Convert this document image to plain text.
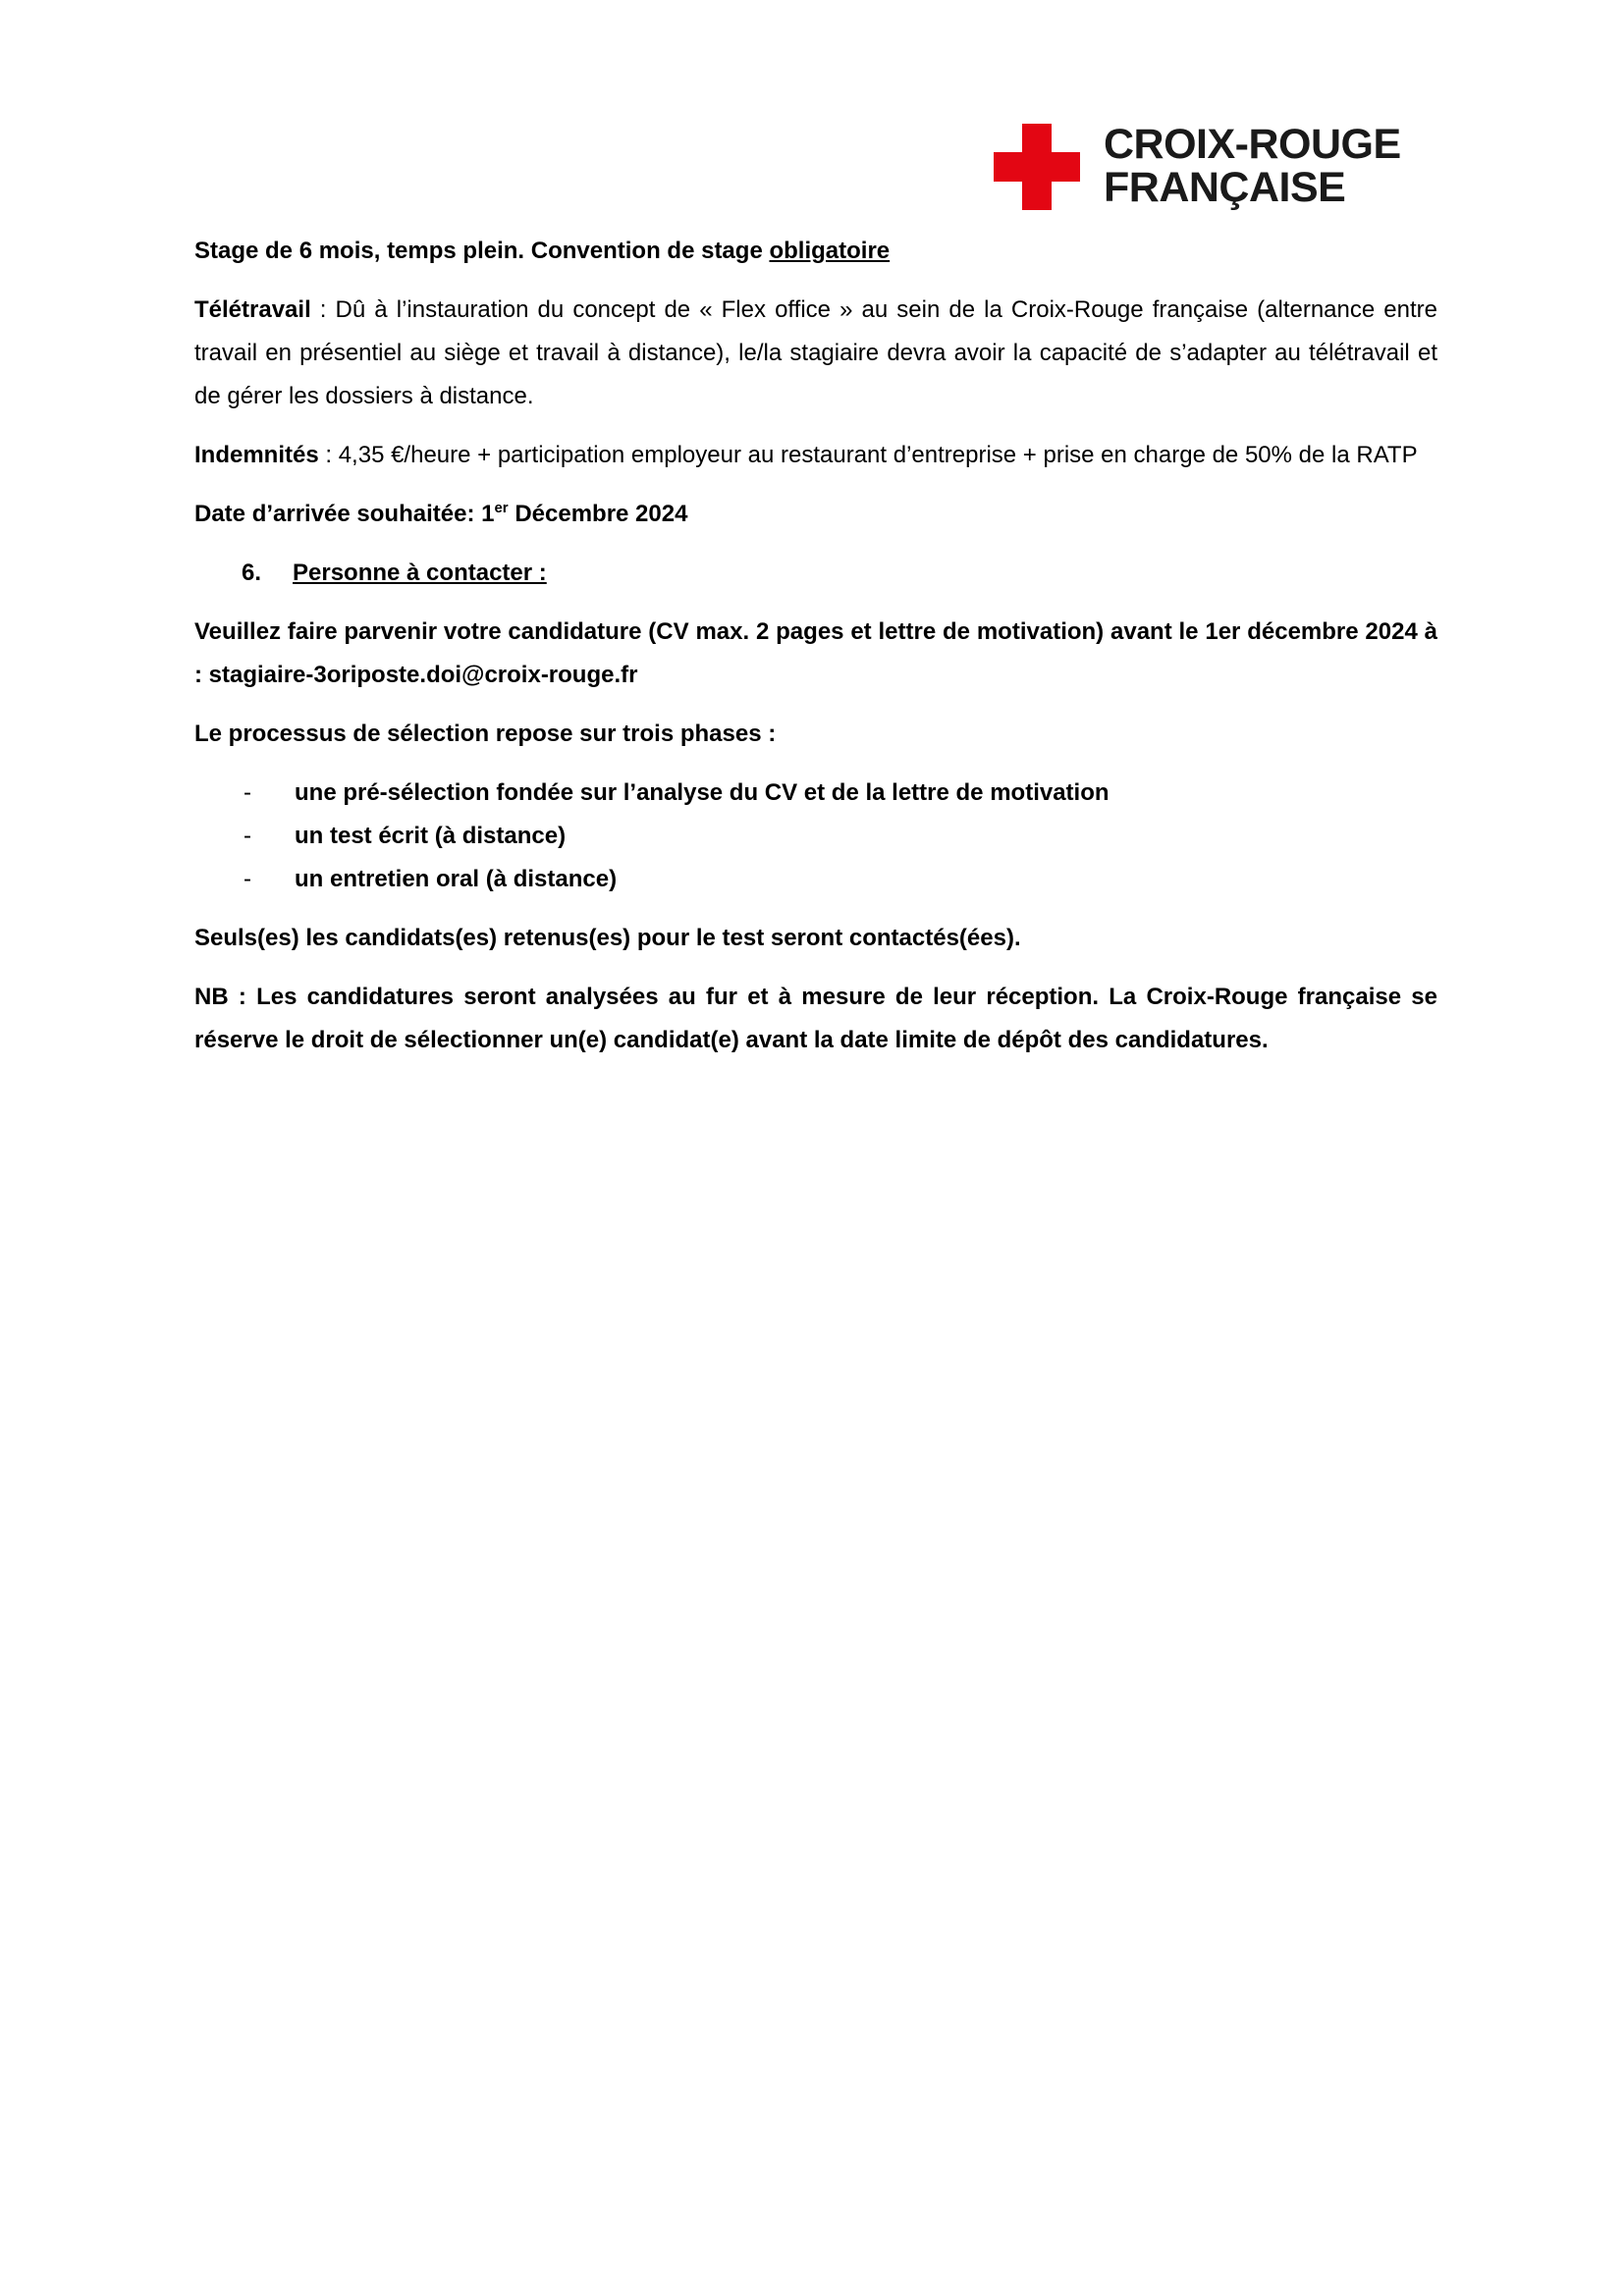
CROIX-ROUGE
FRANÇAISE

Stage de 6 mois, temps plein. Convention de stage obligatoire

Télétravail : Dû à l’instauration du concept de « Flex office » au sein de la Croix-Rouge française (alternance entre travail en présentiel au siège et travail à distance), le/la stagiaire devra avoir la capacité de s’adapter au télétravail et de gérer les dossiers à distance.

Indemnités : 4,35 €/heure + participation employeur au restaurant d’entreprise + prise en charge de 50% de la RATP

Date d’arrivée souhaitée: 1er Décembre 2024

6. Personne à contacter :

Veuillez faire parvenir votre candidature (CV max. 2 pages et lettre de motivation) avant le 1er décembre 2024 à : stagiaire-3oriposte.doi@croix-rouge.fr

Le processus de sélection repose sur trois phases :

- une pré-sélection fondée sur l’analyse du CV et de la lettre de motivation
- un test écrit (à distance)
- un entretien oral (à distance)

Seuls(es) les candidats(es) retenus(es) pour le test seront contactés(ées).

NB : Les candidatures seront analysées au fur et à mesure de leur réception. La Croix-Rouge française se réserve le droit de sélectionner un(e) candidat(e) avant la date limite de dépôt des candidatures.
